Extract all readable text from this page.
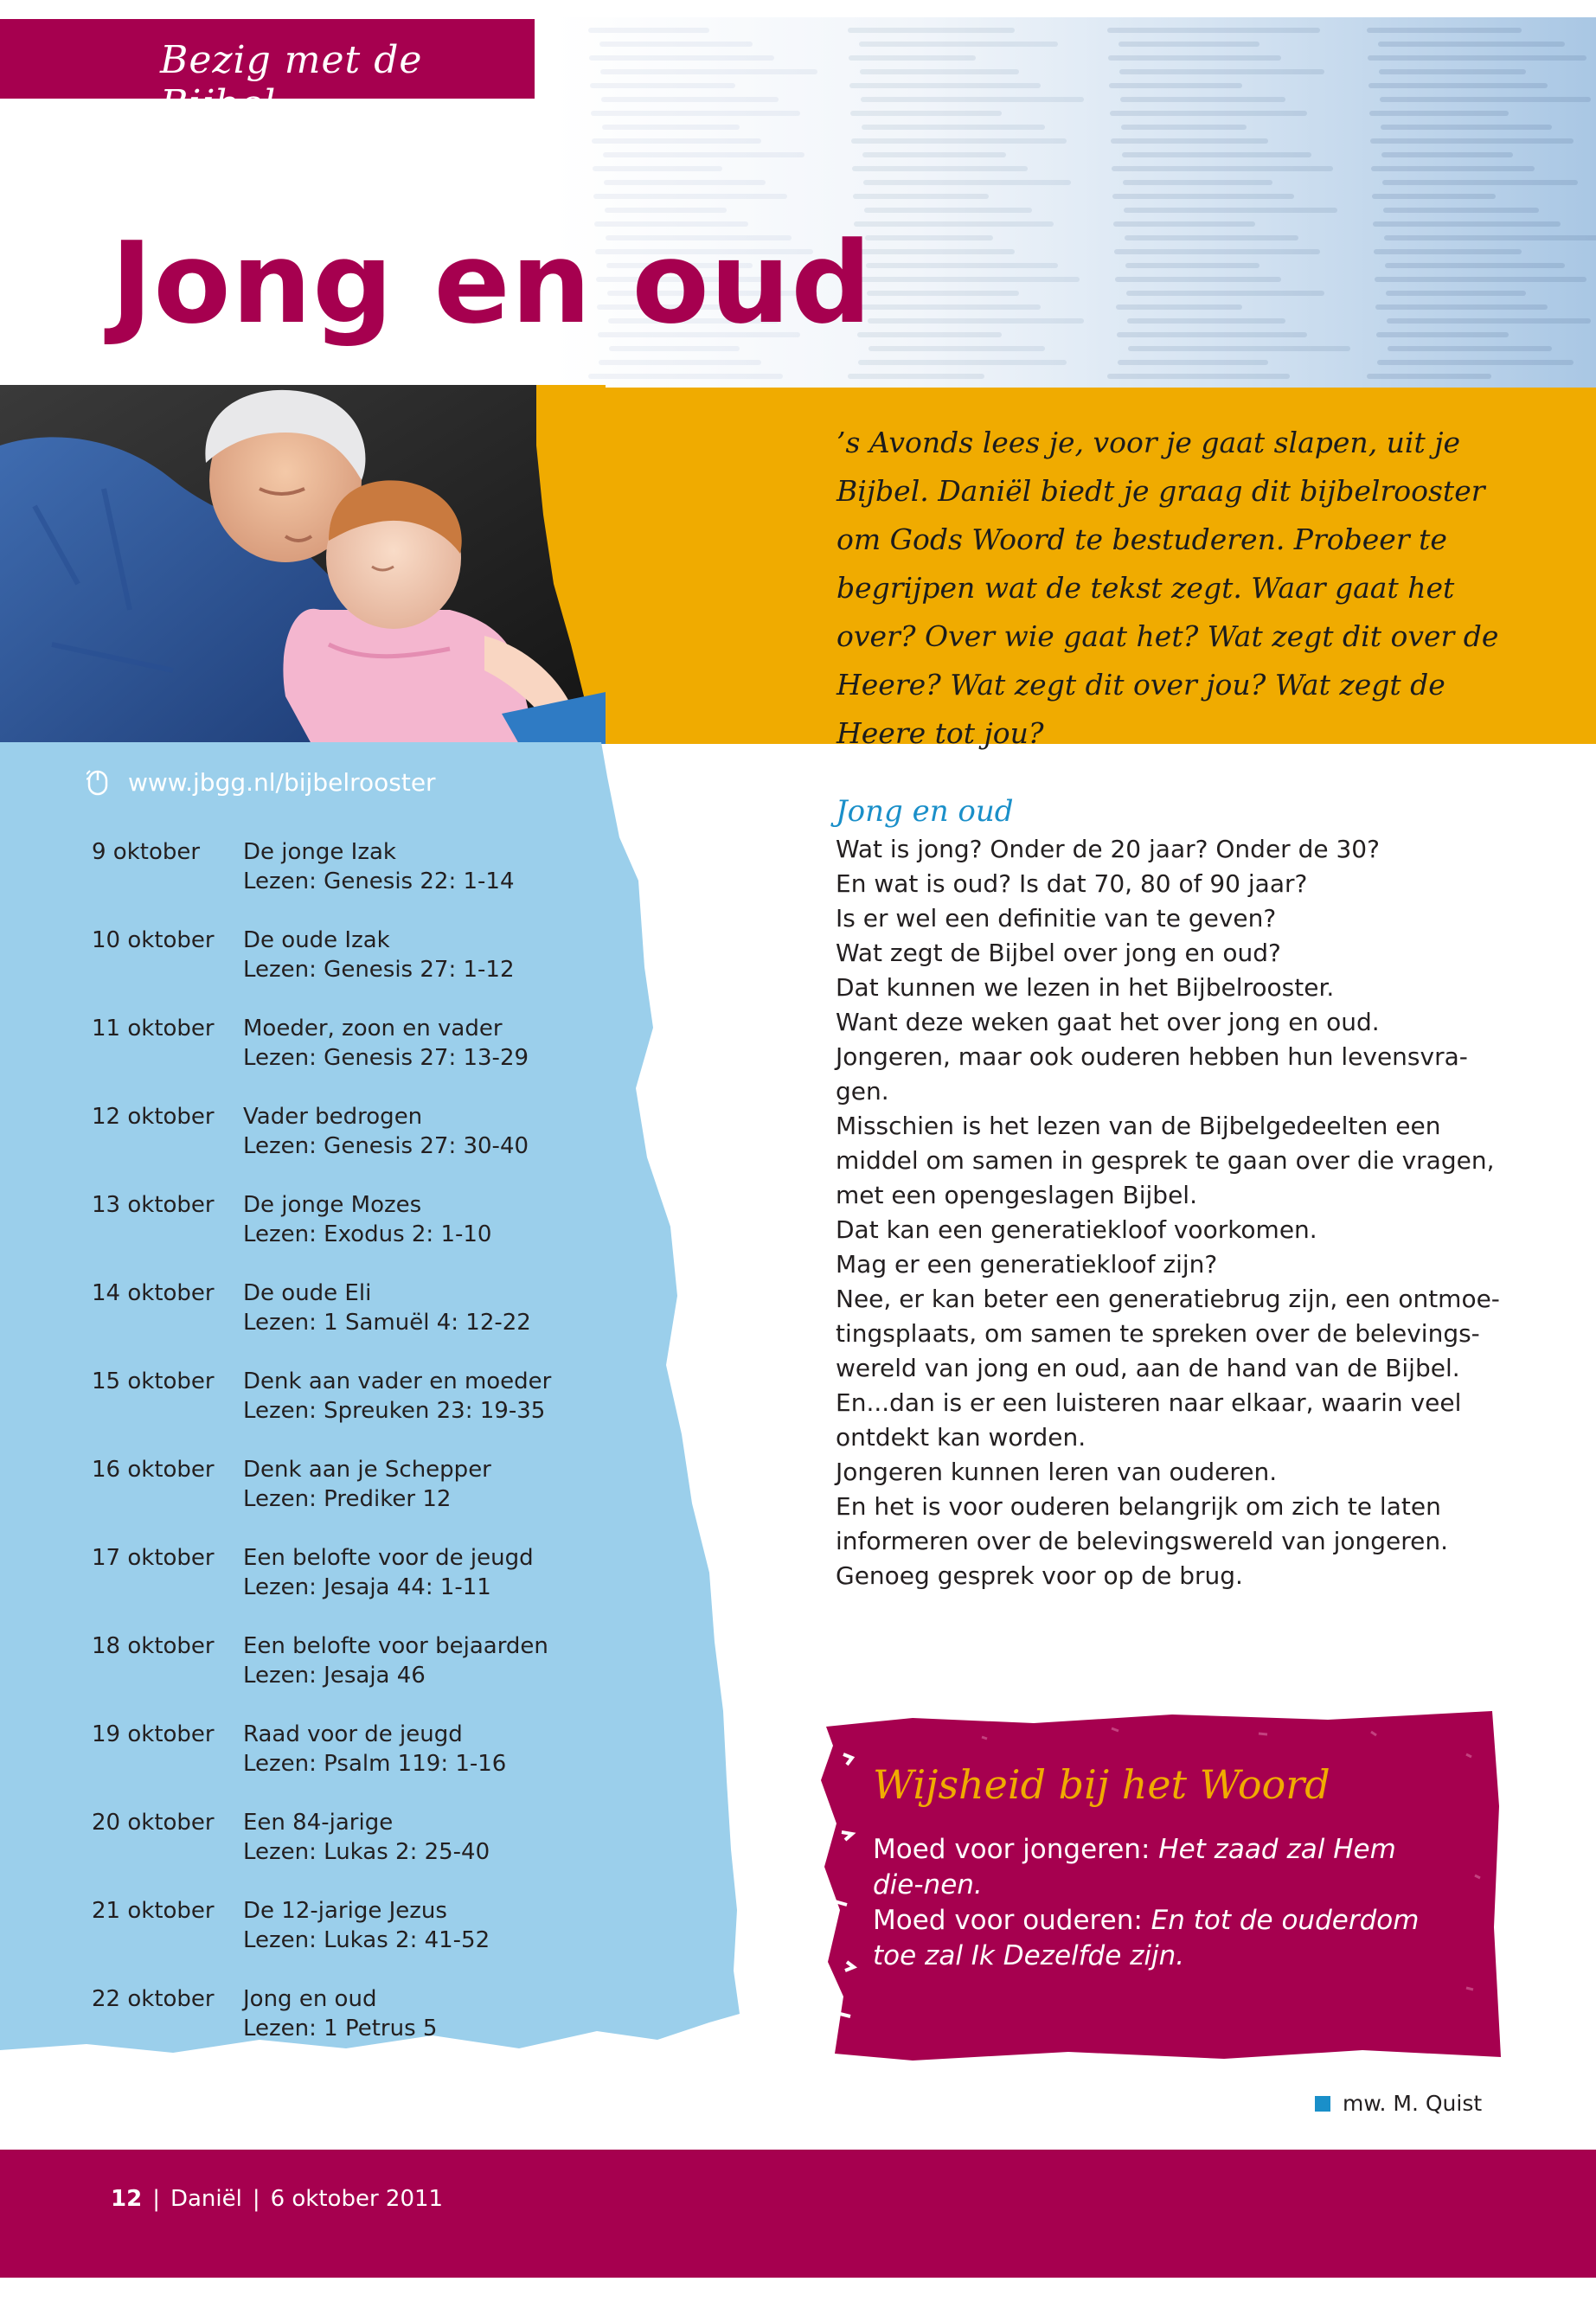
Bezig met de Bijbel
Jong en oud
’s Avonds lees je, voor je gaat slapen, uit je Bijbel. Daniël biedt je graag dit bijbelrooster om Gods Woord te bestuderen. Probeer te begrijpen wat de tekst zegt. Waar gaat het over? Over wie gaat het? Wat zegt dit over de Heere? Wat zegt dit over jou? Wat zegt de Heere tot jou?
www.jbgg.nl/bijbelrooster
9 oktober De jonge Izak
Lezen: Genesis 22: 1-14
10 oktober De oude Izak
Lezen: Genesis 27: 1-12
11 oktober Moeder, zoon en vader
Lezen: Genesis 27: 13-29
12 oktober Vader bedrogen
Lezen: Genesis 27: 30-40
13 oktober De jonge Mozes
Lezen: Exodus 2: 1-10
14 oktober De oude Eli
Lezen: 1 Samuël 4: 12-22
15 oktober Denk aan vader en moeder
Lezen: Spreuken 23: 19-35
16 oktober Denk aan je Schepper
Lezen: Prediker 12
17 oktober Een belofte voor de jeugd
Lezen: Jesaja 44: 1-11
18 oktober Een belofte voor bejaarden
Lezen: Jesaja 46
19 oktober Raad voor de jeugd
Lezen: Psalm 119: 1-16
20 oktober Een 84-jarige
Lezen: Lukas 2: 25-40
21 oktober De 12-jarige Jezus
Lezen: Lukas 2: 41-52
22 oktober Jong en oud
Lezen: 1 Petrus 5
Jong en oud
Wat is jong? Onder de 20 jaar? Onder de 30?
En wat is oud? Is dat 70, 80 of 90 jaar?
Is er wel een definitie van te geven?
Wat zegt de Bijbel over jong en oud?
Dat kunnen we lezen in het Bijbelrooster.
Want deze weken gaat het over jong en oud.
Jongeren, maar ook ouderen hebben hun levensvra-
gen.
Misschien is het lezen van de Bijbelgedeelten een
middel om samen in gesprek te gaan over die vragen,
met een opengeslagen Bijbel.
Dat kan een generatiekloof voorkomen.
Mag er een generatiekloof zijn?
Nee, er kan beter een generatiebrug zijn, een ontmoe-
tingsplaats, om samen te spreken over de belevings-
wereld van jong en oud, aan de hand van de Bijbel.
En...dan is er een luisteren naar elkaar, waarin veel
ontdekt kan worden.
Jongeren kunnen leren van ouderen.
En het is voor ouderen belangrijk om zich te laten
informeren over de belevingswereld van jongeren.
Genoeg gesprek voor op de brug.
Wijsheid bij het Woord
Moed voor jongeren: Het zaad zal Hem die-nen.
Moed voor ouderen: En tot de ouderdom toe zal Ik Dezelfde zijn.
mw. M. Quist
12 | Daniël | 6 oktober 2011
